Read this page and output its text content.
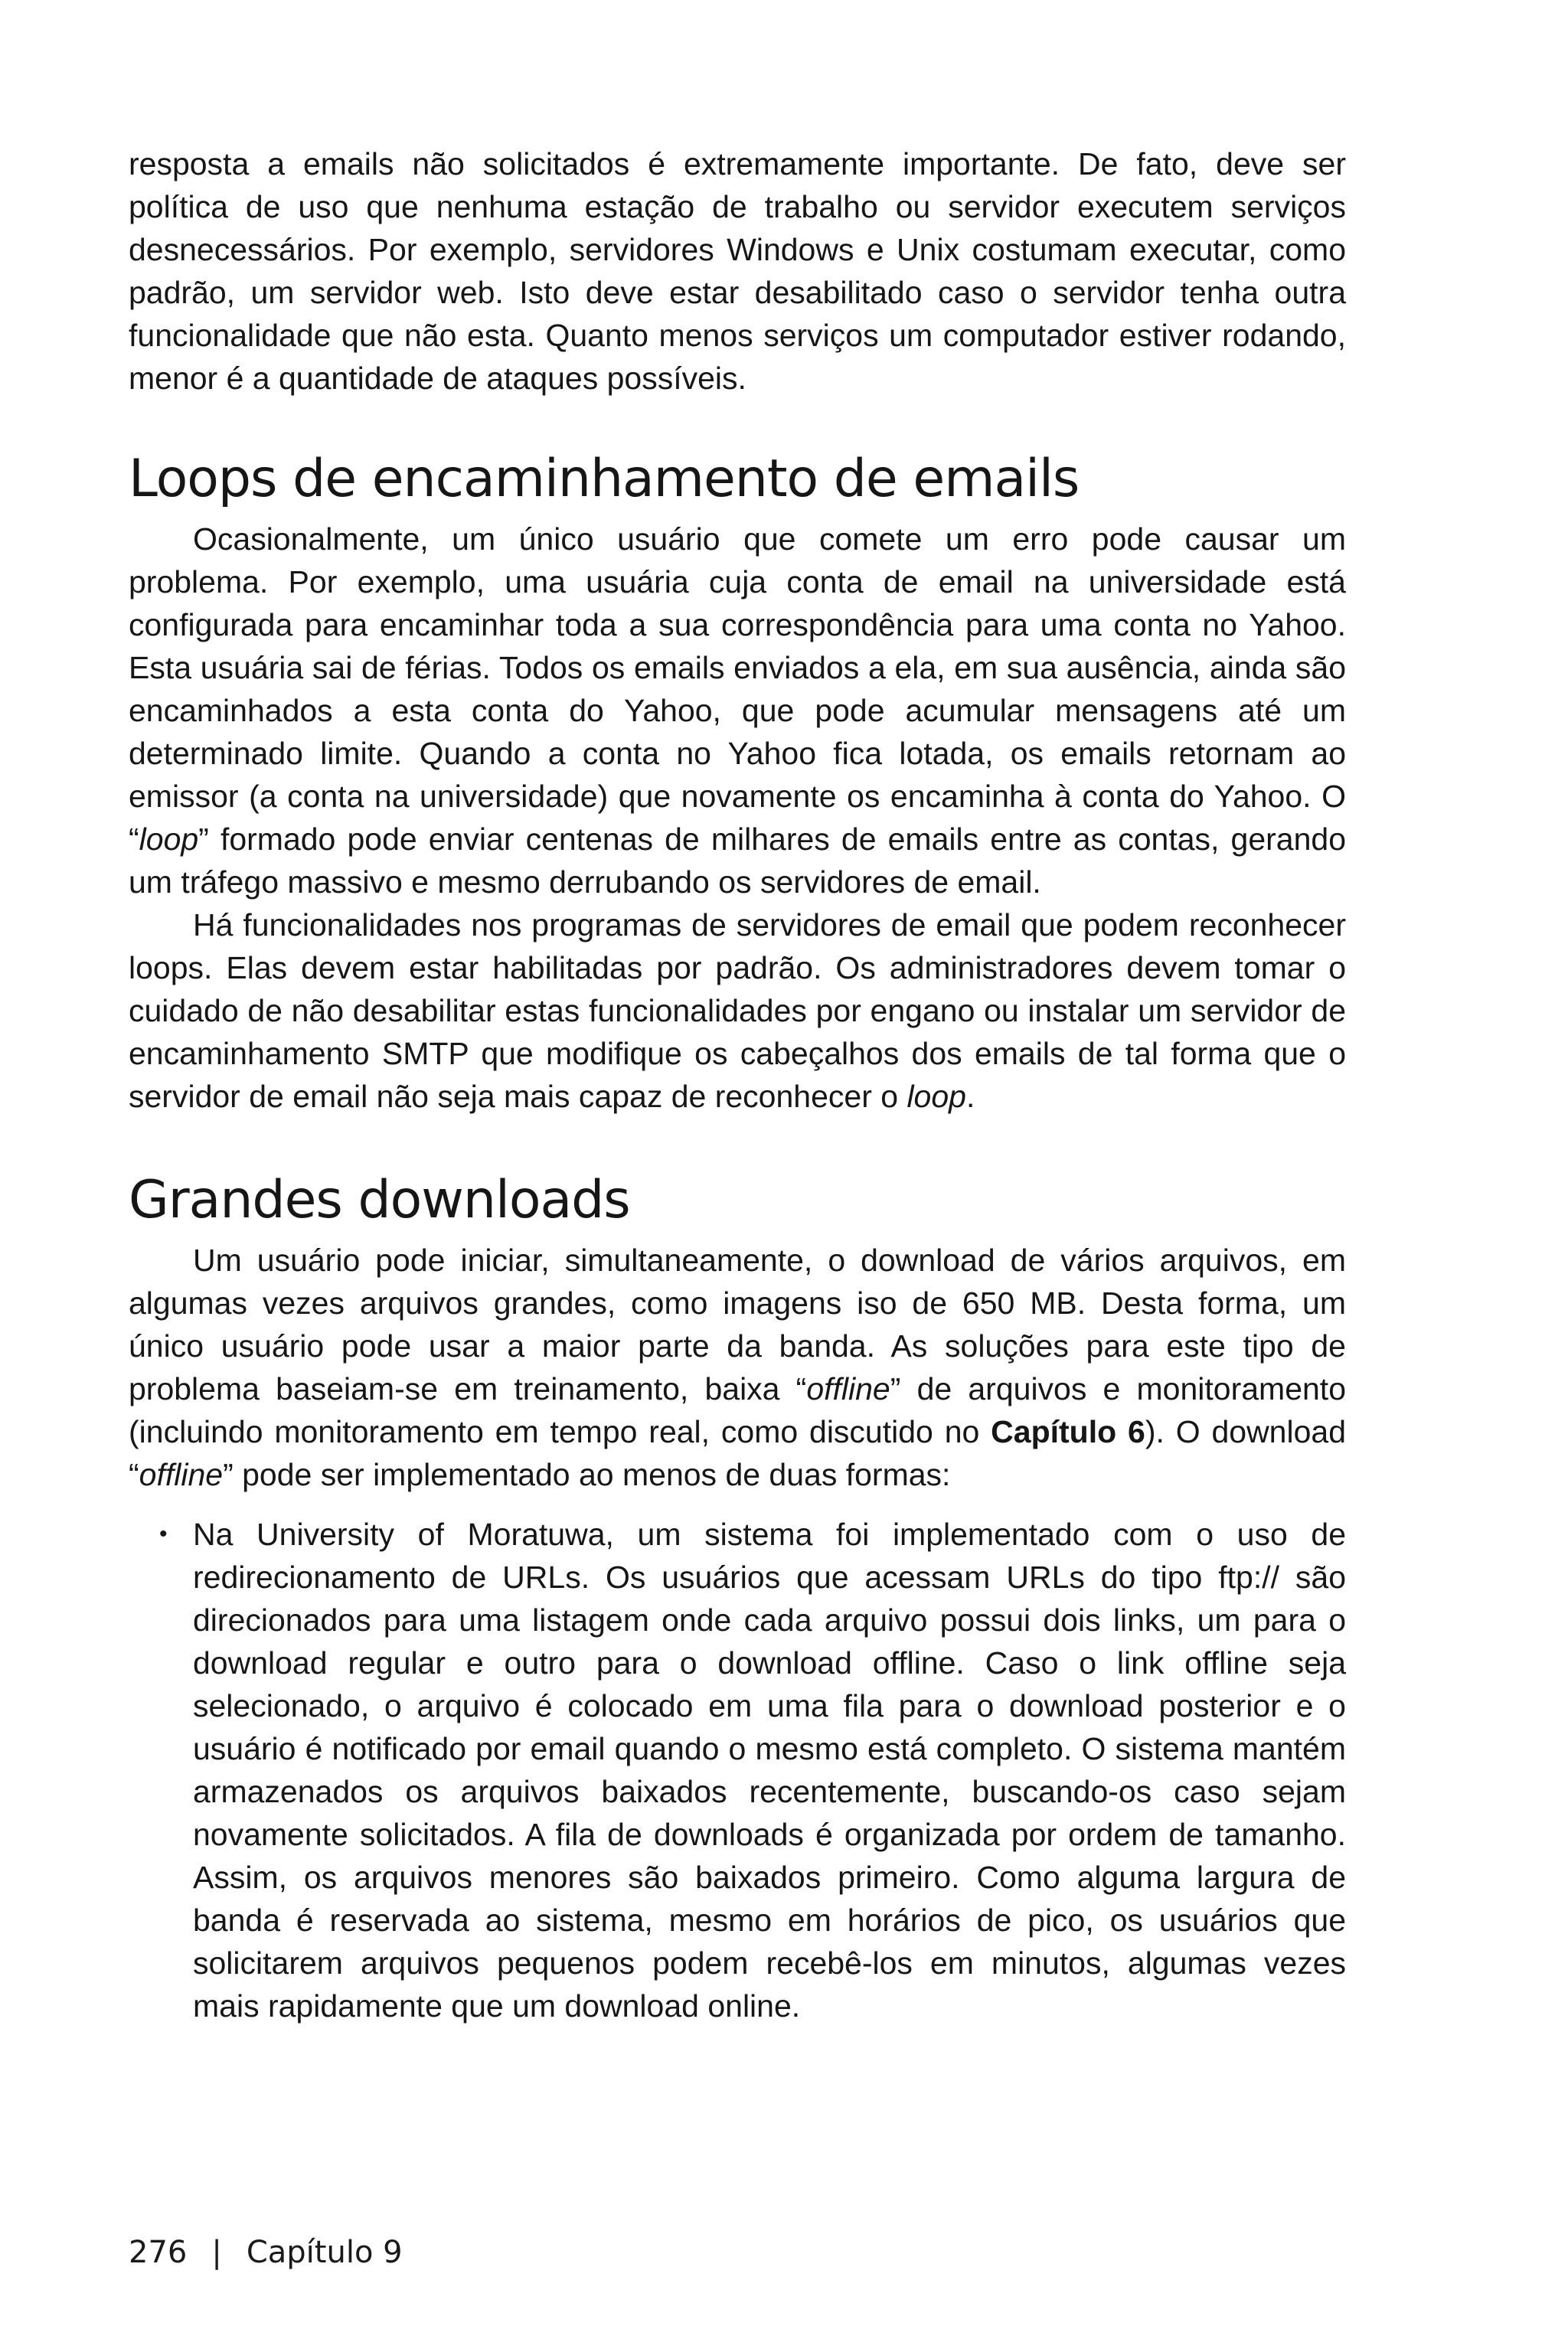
resposta a emails não solicitados é extremamente importante. De fato, deve ser política de uso que nenhuma estação de trabalho ou servidor executem serviços desnecessários. Por exemplo, servidores Windows e Unix costumam executar, como padrão, um servidor web. Isto deve estar desabilitado caso o servidor tenha outra funcionalidade que não esta. Quanto menos serviços um computador estiver rodando, menor é a quantidade de ataques possíveis.

Loops de encaminhamento de emails

Ocasionalmente, um único usuário que comete um erro pode causar um problema. Por exemplo, uma usuária cuja conta de email na universidade está configurada para encaminhar toda a sua correspondência para uma conta no Yahoo. Esta usuária sai de férias. Todos os emails enviados a ela, em sua ausência, ainda são encaminhados a esta conta do Yahoo, que pode acumular mensagens até um determinado limite. Quando a conta no Yahoo fica lotada, os emails retornam ao emissor (a conta na universidade) que novamente os encaminha à conta do Yahoo. O “loop” formado pode enviar centenas de milhares de emails entre as contas, gerando um tráfego massivo e mesmo derrubando os servidores de email.

Há funcionalidades nos programas de servidores de email que podem reconhecer loops. Elas devem estar habilitadas por padrão. Os administradores devem tomar o cuidado de não desabilitar estas funcionalidades por engano ou instalar um servidor de encaminhamento SMTP que modifique os cabeçalhos dos emails de tal forma que o servidor de email não seja mais capaz de reconhecer o loop.

Grandes downloads

Um usuário pode iniciar, simultaneamente, o download de vários arquivos, em algumas vezes arquivos grandes, como imagens iso de 650 MB. Desta forma, um único usuário pode usar a maior parte da banda. As soluções para este tipo de problema baseiam-se em treinamento, baixa “offline” de arquivos e monitoramento (incluindo monitoramento em tempo real, como discutido no Capítulo 6). O download “offline” pode ser implementado ao menos de duas formas:

• Na University of Moratuwa, um sistema foi implementado com o uso de redirecionamento de URLs. Os usuários que acessam URLs do tipo ftp:// são direcionados para uma listagem onde cada arquivo possui dois links, um para o download regular e outro para o download offline. Caso o link offline seja selecionado, o arquivo é colocado em uma fila para o download posterior e o usuário é notificado por email quando o mesmo está completo. O sistema mantém armazenados os arquivos baixados recentemente, buscando-os caso sejam novamente solicitados. A fila de downloads é organizada por ordem de tamanho. Assim, os arquivos menores são baixados primeiro. Como alguma largura de banda é reservada ao sistema, mesmo em horários de pico, os usuários que solicitarem arquivos pequenos podem recebê-los em minutos, algumas vezes mais rapidamente que um download online.

276 | Capítulo 9
